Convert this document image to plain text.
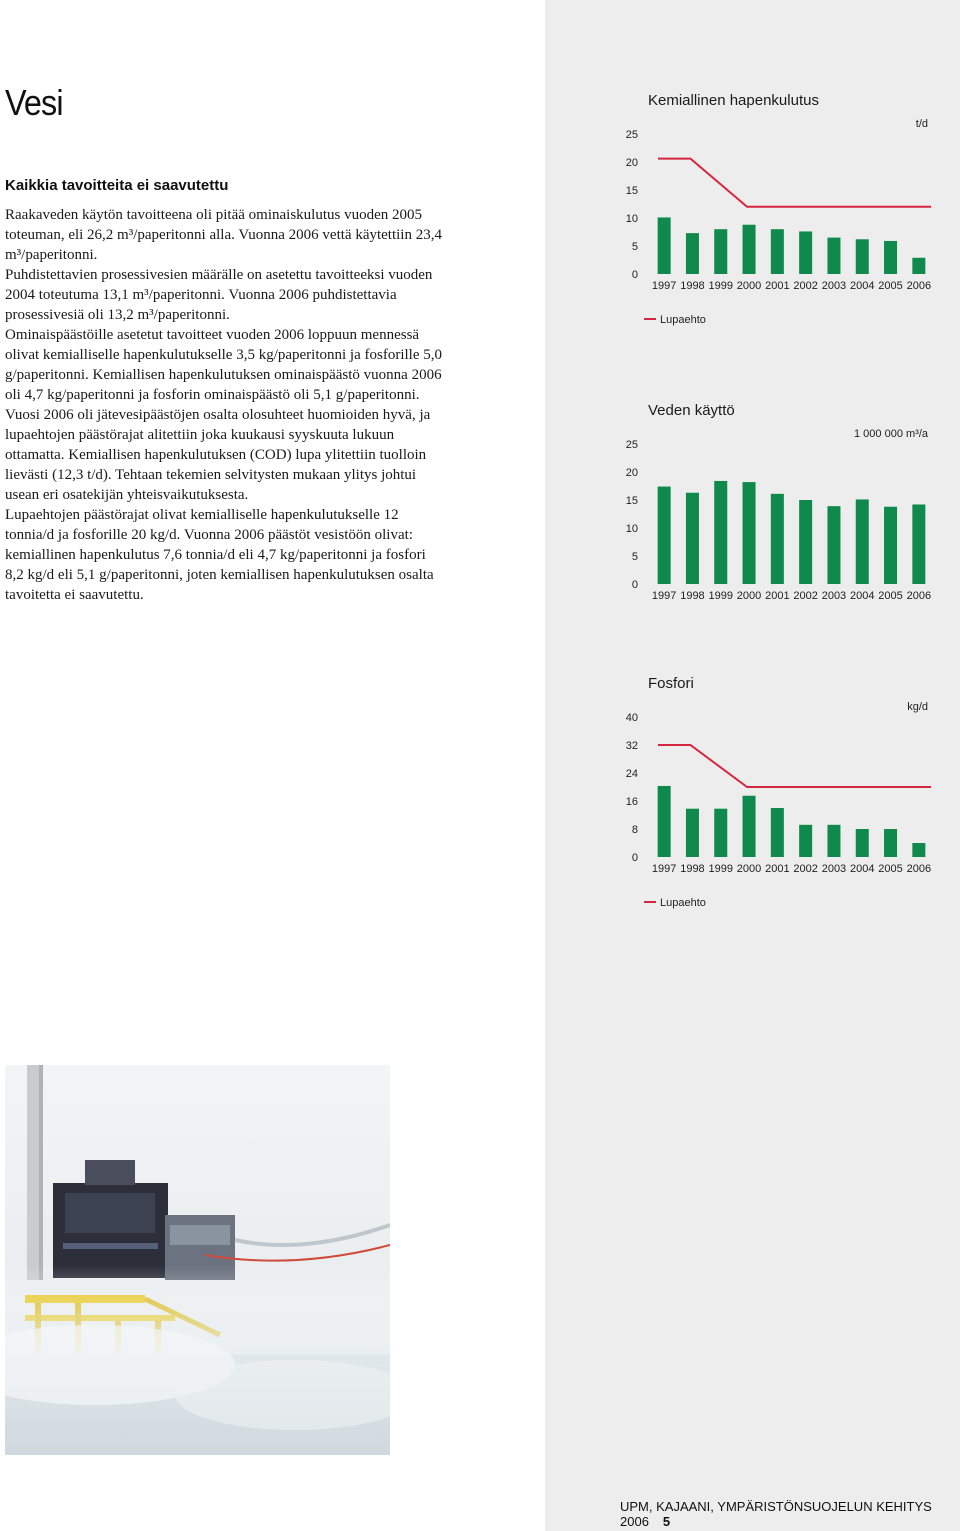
Vesi
Kaikkia tavoitteita ei saavutettu

Raakaveden käytön tavoitteena oli pitää ominaiskulutus vuoden 2005 toteuman, eli 26,2 m³/paperitonni alla. Vuonna 2006 vettä käytettiin 23,4 m³/paperitonni.

Puhdistettavien prosessivesien määrälle on asetettu tavoitteeksi vuoden 2004 toteutuma 13,1 m³/paperitonni. Vuonna 2006 puhdistettavia prosessivesiä oli 13,2 m³/paperitonni.

Ominaispäästöille asetetut tavoitteet vuoden 2006 loppuun mennessä olivat kemialliselle hapenkulutukselle 3,5 kg/paperitonni ja fosforille 5,0 g/paperitonni. Kemiallisen hapenkulutuksen ominaispäästö vuonna 2006 oli 4,7 kg/paperitonni ja fosforin ominaispäästö oli 5,1 g/paperitonni.

Vuosi 2006 oli jätevesipäästöjen osalta olosuhteet huomioiden hyvä, ja lupaehtojen päästörajat alitettiin joka kuukausi syyskuuta lukuun ottamatta. Kemiallisen hapenkulutuksen (COD) lupa ylitettiin tuolloin lievästi (12,3 t/d). Tehtaan tekemien selvitysten mukaan ylitys johtui usean eri osatekijän yhteisvaikutuksesta.

Lupaehtojen päästörajat olivat kemialliselle hapenkulutukselle 12 tonnia/d ja fosforille 20 kg/d. Vuonna 2006 päästöt vesistöön olivat: kemiallinen hapenkulutus 7,6 tonnia/d eli 4,7 kg/paperitonni ja fosfori 8,2 kg/d eli 5,1 g/paperitonni, joten kemiallisen hapenkulutuksen osalta tavoitetta ei saavutettu.

Kemiallinen hapenkulutus
t/d
0
5
10
15
20
25
1997 1998 1999 2000 2001 2002 2003 2004 2005 2006
Lupaehto
Veden käyttö
1 000 000 m³/a
0
5
10
15
20
25
1997 1998 1999 2000 2001 2002 2003 2004 2005 2006
Fosfori
kg/d
0
8
16
24
32
40
1997 1998 1999 2000 2001 2002 2003 2004 2005 2006
Lupaehto
UPM, KAJAANI, YMPÄRISTÖNSUOJELUN KEHITYS 2006 5
